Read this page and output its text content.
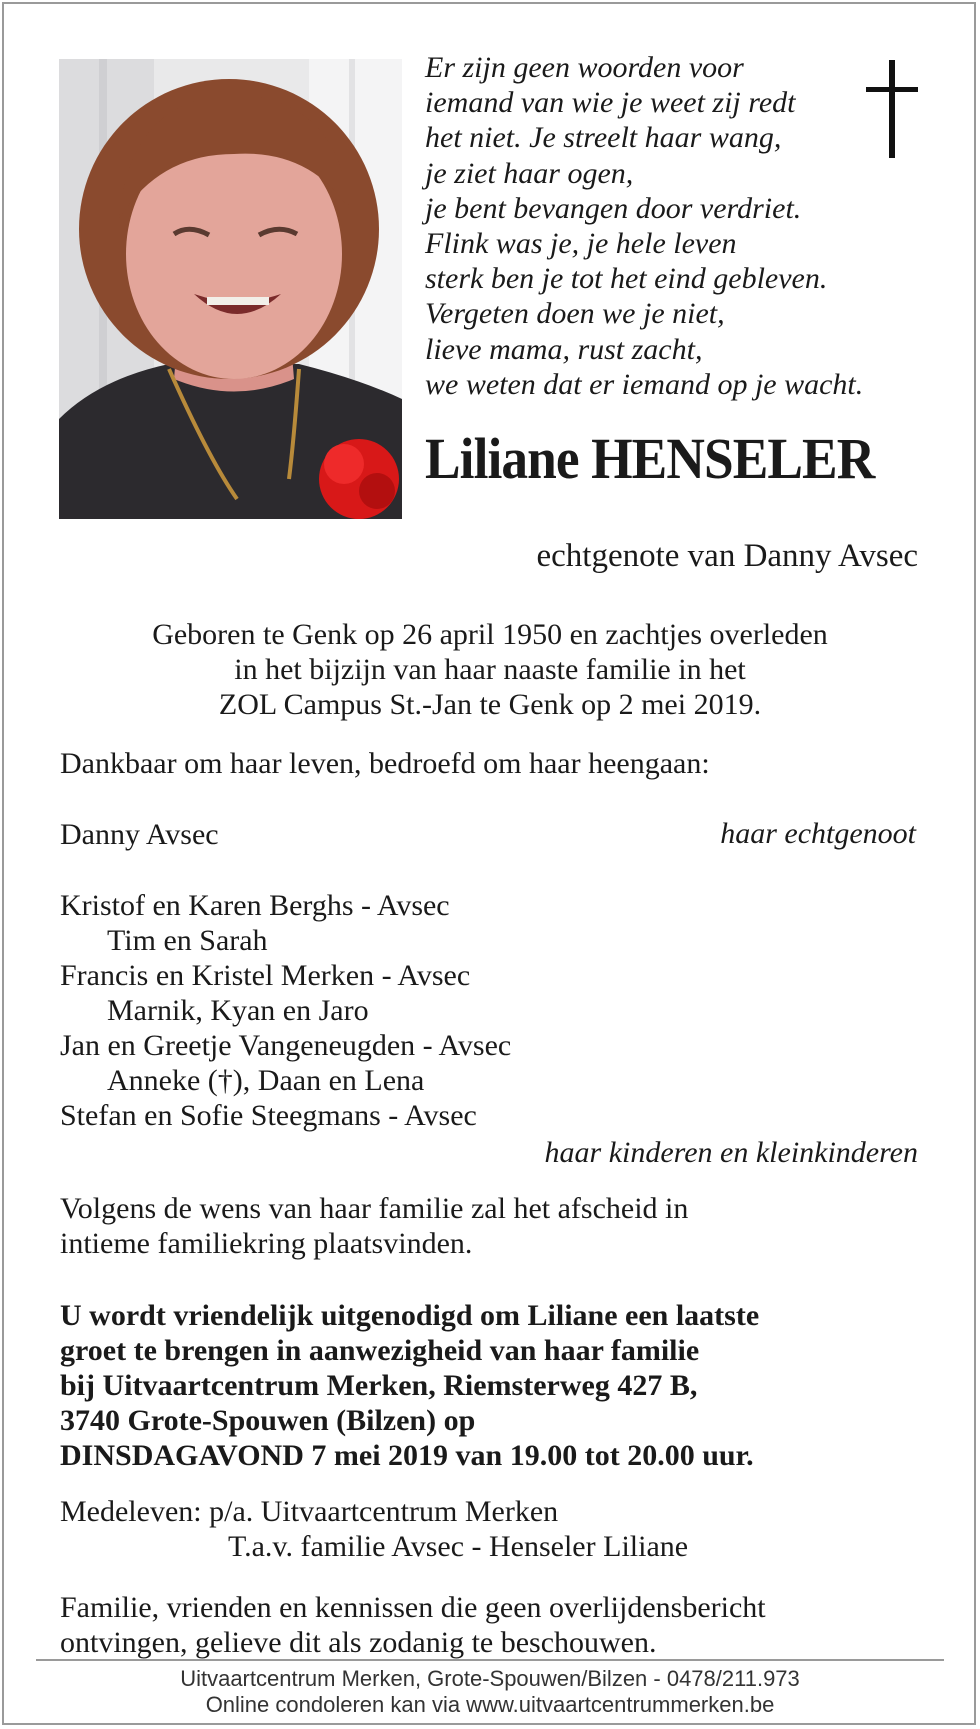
Er zijn geen woorden voor
iemand van wie je weet zij redt
het niet. Je streelt haar wang,
je ziet haar ogen,
je bent bevangen door verdriet.
Flink was je, je hele leven
sterk ben je tot het eind gebleven.
Vergeten doen we je niet,
lieve mama, rust zacht,
we weten dat er iemand op je wacht.
Liliane HENSELER
echtgenote van Danny Avsec
Geboren te Genk op 26 april 1950 en zachtjes overleden
in het bijzijn van haar naaste familie in het
ZOL Campus St.-Jan te Genk op 2 mei 2019.
Dankbaar om haar leven, bedroefd om haar heengaan:
Danny Avsec	haar echtgenoot
Kristof en Karen Berghs - Avsec
Tim en Sarah
Francis en Kristel Merken - Avsec
Marnik, Kyan en Jaro
Jan en Greetje Vangeneugden - Avsec
Anneke (†), Daan en Lena
Stefan en Sofie Steegmans - Avsec
haar kinderen en kleinkinderen
Volgens de wens van haar familie zal het afscheid in
intieme familiekring plaatsvinden.
U wordt vriendelijk uitgenodigd om Liliane een laatste
groet te brengen in aanwezigheid van haar familie
bij Uitvaartcentrum Merken, Riemsterweg 427 B,
3740 Grote-Spouwen (Bilzen) op
DINSDAGAVOND 7 mei 2019 van 19.00 tot 20.00 uur.
Medeleven: p/a. Uitvaartcentrum Merken
T.a.v. familie Avsec - Henseler Liliane
Familie, vrienden en kennissen die geen overlijdensbericht
ontvingen, gelieve dit als zodanig te beschouwen.
Uitvaartcentrum Merken, Grote-Spouwen/Bilzen - 0478/211.973
Online condoleren kan via www.uitvaartcentrummerken.be
